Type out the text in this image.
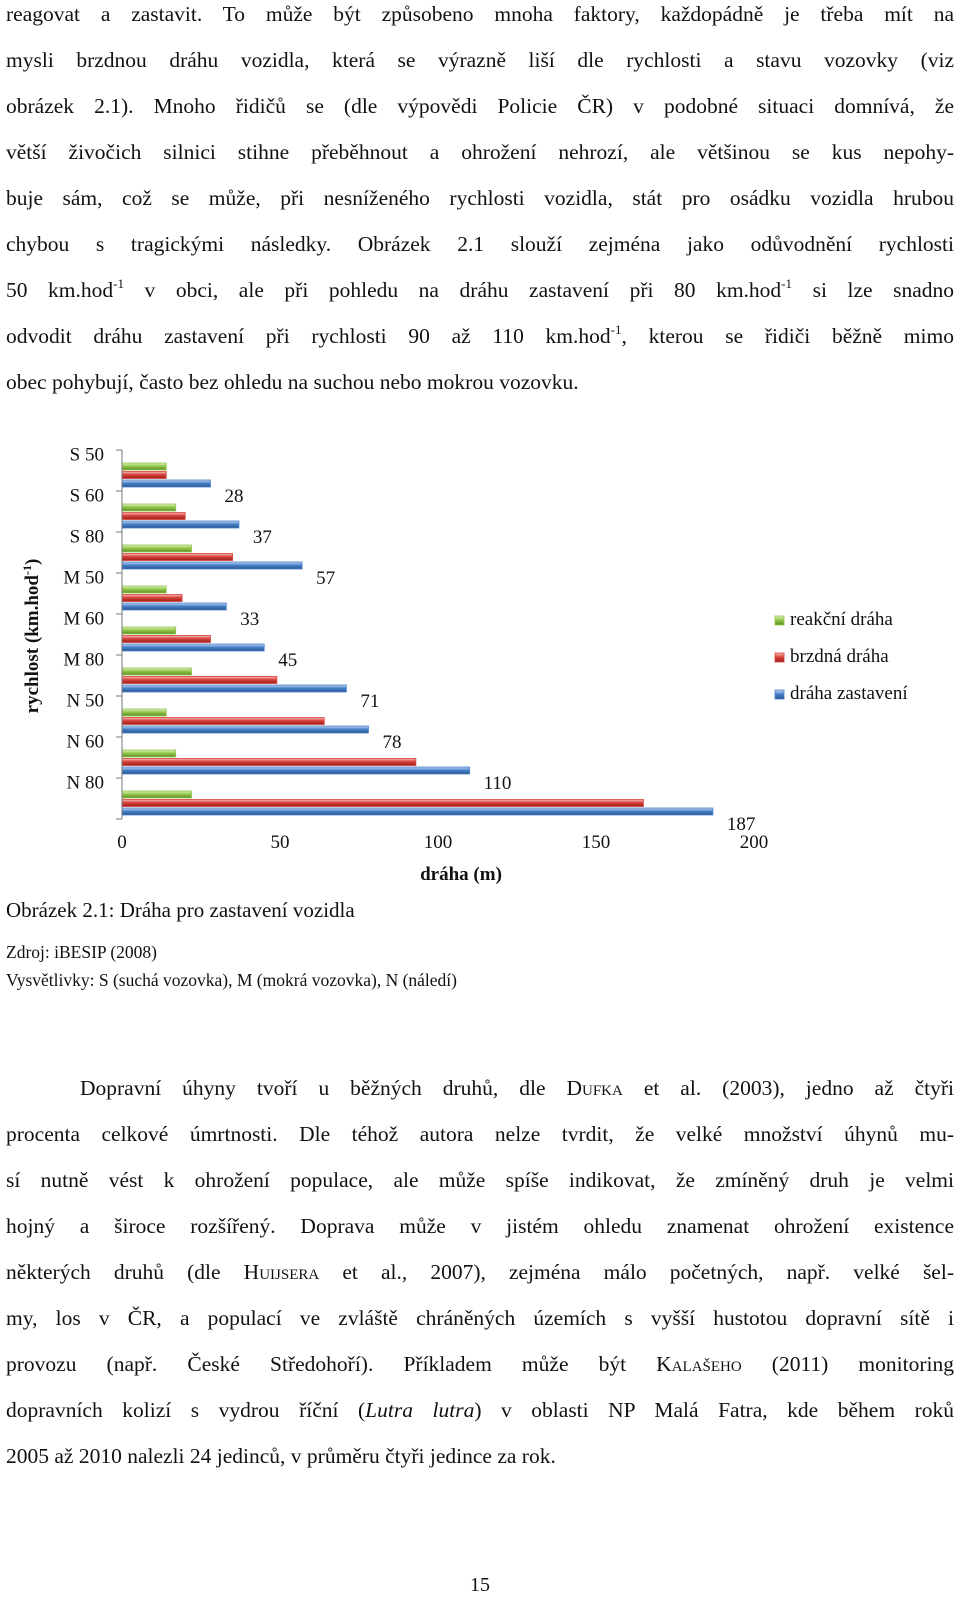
reagovat a zastavit. To může být způsobeno mnoha faktory, každopádně je třeba mít na
mysli brzdnou dráhu vozidla, která se výrazně liší dle rychlosti a stavu vozovky (viz
obrázek 2.1). Mnoho řidičů se (dle výpovědi Policie ČR) v podobné situaci domnívá, že
větší živočich silnici stihne přeběhnout a ohrožení nehrozí, ale většinou se kus nepohy-
buje sám, což se může, při nesníženého rychlosti vozidla, stát pro osádku vozidla hrubou
chybou s tragickými následky. Obrázek 2.1 slouží zejména jako odůvodnění rychlosti
50 km.hod$^{-1}$ v obci, ale při pohledu na dráhu zastavení při 80 km.hod$^{-1}$ si lze snadno
odvodit dráhu zastavení při rychlosti 90 až 110 km.hod$^{-1}$, kterou se řidiči běžně mimo
obec pohybují, často bez ohledu na suchou nebo mokrou vozovku.
S 50
28
S 60
37
S 80
57
M 50
33
M 60
45
M 80
71
N 50
78
N 60
110
N 80
187
0	50	100	150	200
dráha (m)
rychlost (km.hod$^{-1}$)
reakční dráha
brzdná dráha
dráha zastavení
Obrázek 2.1: Dráha pro zastavení vozidla
Zdroj: iBESIP (2008)
Vysvětlivky: S (suchá vozovka), M (mokrá vozovka), N (náledí)
Dopravní úhyny tvoří u běžných druhů, dle Dufka et al. (2003), jedno až čtyři
procenta celkové úmrtnosti. Dle téhož autora nelze tvrdit, že velké množství úhynů mu-
sí nutně vést k ohrožení populace, ale může spíše indikovat, že zmíněný druh je velmi
hojný a široce rozšířený. Doprava může v jistém ohledu znamenat ohrožení existence
některých druhů (dle Huijsera et al., 2007), zejména málo početných, např. velké šel-
my, los v ČR, a populací ve zvláště chráněných územích s vyšší hustotou dopravní sítě i
provozu (např. České Středohoří). Příkladem může být Kalašeho (2011) monitoring
dopravních kolizí s vydrou říční (Lutra lutra) v oblasti NP Malá Fatra, kde během roků
2005 až 2010 nalezli 24 jedinců, v průměru čtyři jedince za rok.
15
